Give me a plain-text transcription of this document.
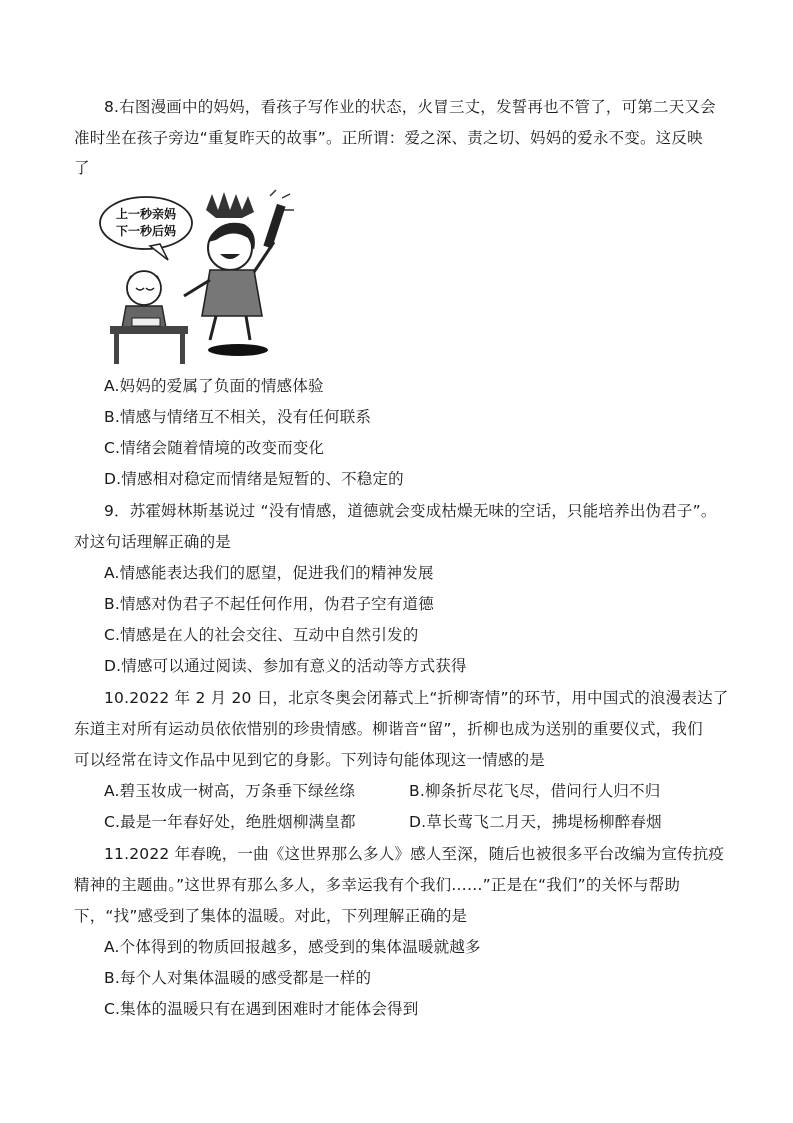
8.右图漫画中的妈妈，看孩子写作业的状态，火冒三丈，发誓再也不管了，可第二天又会
准时坐在孩子旁边“重复昨天的故事”。正所谓：爱之深、责之切、妈妈的爱永不变。这反映
了
上一秒亲妈
下一秒后妈
A.妈妈的爱属了负面的情感体验
B.情感与情绪互不相关，没有任何联系
C.情绪会随着情境的改变而变化
D.情感相对稳定而情绪是短暂的、不稳定的
9．苏霍姆林斯基说过 “没有情感，道德就会变成枯燥无味的空话，只能培养出伪君子”。
对这句话理解正确的是
A.情感能表达我们的愿望，促进我们的精神发展
B.情感对伪君子不起任何作用，伪君子空有道德
C.情感是在人的社会交往、互动中自然引发的
D.情感可以通过阅读、参加有意义的活动等方式获得
10.2022 年 2 月 20 日，北京冬奥会闭幕式上“折柳寄情”的环节，用中国式的浪漫表达了
东道主对所有运动员依依惜别的珍贵情感。柳谐音“留”，折柳也成为送别的重要仪式，我们
可以经常在诗文作品中见到它的身影。下列诗句能体现这一情感的是
A.碧玉妆成一树高，万条垂下绿丝绦	B.柳条折尽花飞尽，借问行人归不归
C.最是一年春好处，绝胜烟柳满皇都	D.草长莺飞二月天，拂堤杨柳醉春烟
11.2022 年春晚，一曲《这世界那么多人》感人至深，随后也被很多平台改编为宣传抗疫
精神的主题曲。”这世界有那么多人，多幸运我有个我们……”正是在“我们”的关怀与帮助
下，“找”感受到了集体的温暖。对此，下列理解正确的是
A.个体得到的物质回报越多，感受到的集体温暖就越多
B.每个人对集体温暖的感受都是一样的
C.集体的温暖只有在遇到困难时才能体会得到
